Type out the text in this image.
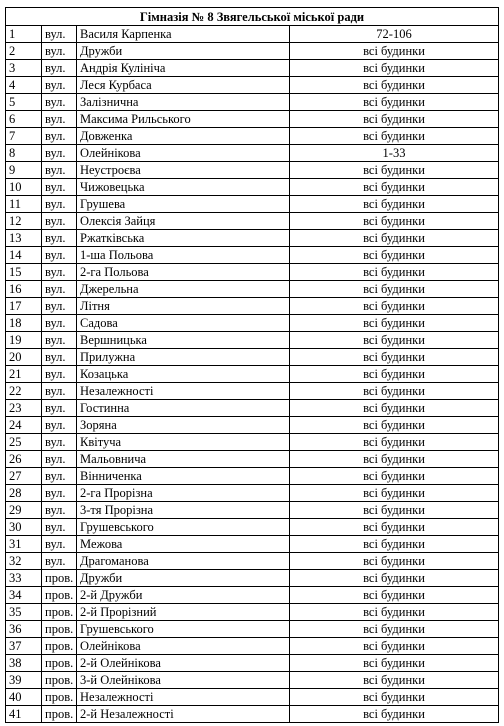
Гімназія № 8 Звягельської міської ради			
1	вул.	Василя Карпенка	72-106
2	вул.	Дружби	всі будинки
3	вул.	Андрія Кулініча	всі будинки
4	вул.	Леся Курбаса	всі будинки
5	вул.	Залізнична	всі будинки
6	вул.	Максима Рильського	всі будинки
7	вул.	Довженка	всі будинки
8	вул.	Олейнікова	1-33
9	вул.	Неустроєва	всі будинки
10	вул.	Чижовецька	всі будинки
11	вул.	Грушева	всі будинки
12	вул.	Олексія Зайця	всі будинки
13	вул.	Ржатківська	всі будинки
14	вул.	1-ша Польова	всі будинки
15	вул.	2-га Польова	всі будинки
16	вул.	Джерельна	всі будинки
17	вул.	Літня	всі будинки
18	вул.	Садова	всі будинки
19	вул.	Вершницька	всі будинки
20	вул.	Прилужна	всі будинки
21	вул.	Козацька	всі будинки
22	вул.	Незалежності	всі будинки
23	вул.	Гостинна	всі будинки
24	вул.	Зоряна	всі будинки
25	вул.	Квітуча	всі будинки
26	вул.	Мальовнича	всі будинки
27	вул.	Вінниченка	всі будинки
28	вул.	2-га Прорізна	всі будинки
29	вул.	3-тя Прорізна	всі будинки
30	вул.	Грушевського	всі будинки
31	вул.	Межова	всі будинки
32	вул.	Драгоманова	всі будинки
33	пров.	Дружби	всі будинки
34	пров.	2-й Дружби	всі будинки
35	пров.	2-й Прорізний	всі будинки
36	пров.	Грушевського	всі будинки
37	пров.	Олейнікова	всі будинки
38	пров.	2-й Олейнікова	всі будинки
39	пров.	3-й Олейнікова	всі будинки
40	пров.	Незалежності	всі будинки
41	пров.	2-й Незалежності	всі будинки
